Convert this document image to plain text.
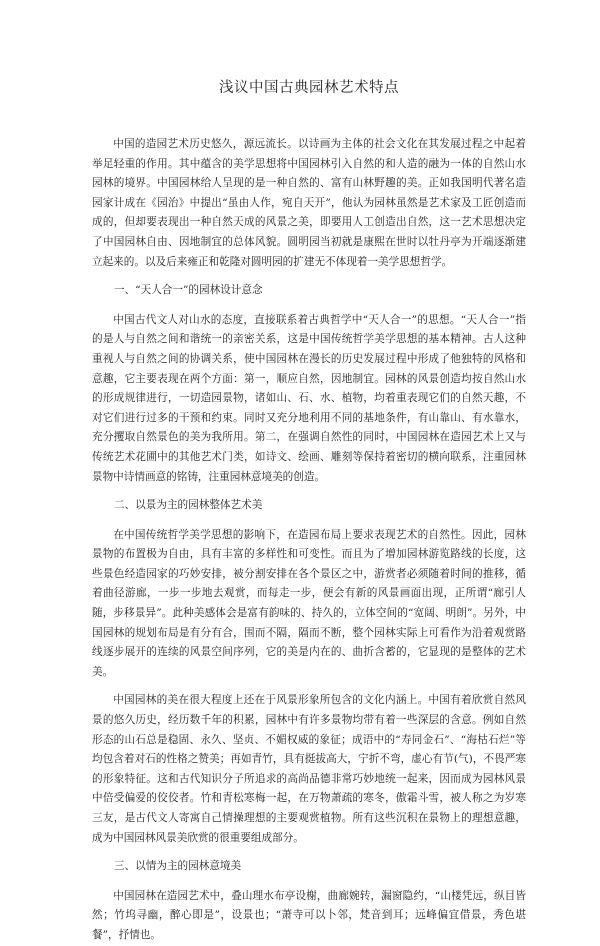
浅议中国古典园林艺术特点

中国的造园艺术历史悠久，源远流长。以诗画为主体的社会文化在其发展过程之中起着举足轻重的作用。其中蕴含的美学思想将中国园林引入自然的和人造的融为一体的自然山水园林的境界。中国园林给人呈现的是一种自然的、富有山林野趣的美。正如我国明代著名造园家计成在《园治》中提出“虽由人作，宛自天开”，他认为园林虽然是艺术家及工匠创造而成的，但却要表现出一种自然天成的风景之美，即要用人工创造出自然，这一艺术思想决定了中国园林自由、因地制宜的总体风貌。圆明园当初就是康熙在世时以牡丹亭为开端逐渐建立起来的。以及后来雍正和乾隆对圆明园的扩建无不体现着一美学思想哲学。

一、“天人合一”的园林设计意念

中国古代文人对山水的态度，直接联系着古典哲学中“天人合一”的思想。“天人合一”指的是人与自然之间和谐统一的亲密关系，这是中国传统哲学美学思想的基本精神。古人这种重视人与自然之间的协调关系，使中国园林在漫长的历史发展过程中形成了他独特的风格和意趣，它主要表现在两个方面：第一，顺应自然，因地制宜。园林的风景创造均按自然山水的形成规律进行，一切造园景物，诸如山、石、水、植物，均着重表现它们的自然天趣，不对它们进行过多的干预和约束。同时又充分地利用不同的基地条件，有山靠山、有水靠水，充分攫取自然景色的美为我所用。第二，在强调自然性的同时，中国园林在造园艺术上又与传统艺术花圃中的其他艺术门类，如诗文、绘画、雕刻等保持着密切的横向联系，注重园林景物中诗情画意的铭铸，注重园林意境美的创造。

二、以景为主的园林整体艺术美

在中国传统哲学美学思想的影响下，在造园布局上要求表现艺术的自然性。因此，园林景物的布置极为自由，具有丰富的多样性和可变性。而且为了增加园林游览路线的长度，这些景色经造园家的巧妙安排，被分割安排在各个景区之中，游赏者必须随着时间的推移，循着曲径游廊，一步一步地去观赏，而每走一步，便会有新的风景画面出现，正所谓“廊引人随，步移景异”。此种美感体会是富有韵味的、持久的，立体空间的“宽阔、明朗”。另外，中国园林的规划布局是有分有合，围而不隔，隔而不断，整个园林实际上可看作为沿着观赏路线逐步展开的连续的风景空间序列，它的美是内在的、曲折含蓄的，它显现的是整体的艺术美。

中国园林的美在很大程度上还在于风景形象所包含的文化内涵上。中国有着欣赏自然风景的悠久历史，经历数千年的积累，园林中有许多景物均带有着一些深层的含意。例如自然形态的山石总是稳固、永久、坚贞、不媚权威的象征；成语中的“寿同金石”、“海枯石烂”等均包含着对石的性格之赞美；再如青竹，具有挺拔高大，宁折不弯，虚心有节(气)，不畏严寒的形象特征。这和古代知识分子所追求的高尚品德非常巧妙地统一起来，因而成为园林风景中倍受偏爱的佼佼者。竹和青松寒梅一起，在万物萧疏的寒冬，傲霜斗雪，被人称之为岁寒三友，是古代文人寄寓自己情操理想的主要观赏植物。所有这些沉积在景物上的理想意趣，成为中国园林风景美欣赏的很重要组成部分。

三、以情为主的园林意境美

中国园林在造园艺术中，叠山理水布亭设榭，曲廊婉转，漏窗隐约，“山楼凭远，纵目皆然；竹坞寻幽，醉心即是”，设景也；“萧寺可以卜邻，梵音到耳；远峰偏宜借景，秀色堪餐”，抒情也。
